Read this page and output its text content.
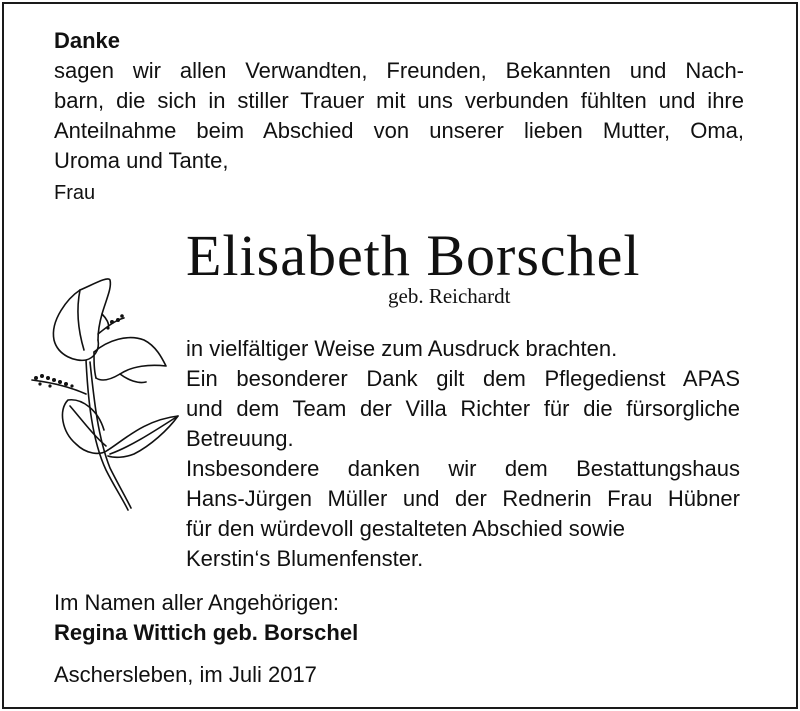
Danke
sagen wir allen Verwandten, Freunden, Bekannten und Nach-
barn, die sich in stiller Trauer mit uns verbunden fühlten und ihre
Anteilnahme beim Abschied von unserer lieben Mutter, Oma,
Uroma und Tante,
Frau
Elisabeth Borschel
geb. Reichardt
in vielfältiger Weise zum Ausdruck brachten.
Ein besonderer Dank gilt dem Pflegedienst APAS
und dem Team der Villa Richter für die fürsorgliche
Betreuung.
Insbesondere danken wir dem Bestattungshaus
Hans-Jürgen Müller und der Rednerin Frau Hübner
für den würdevoll gestalteten Abschied sowie
Kerstin‘s Blumenfenster.
Im Namen aller Angehörigen:
Regina Wittich geb. Borschel
Aschersleben, im Juli 2017
